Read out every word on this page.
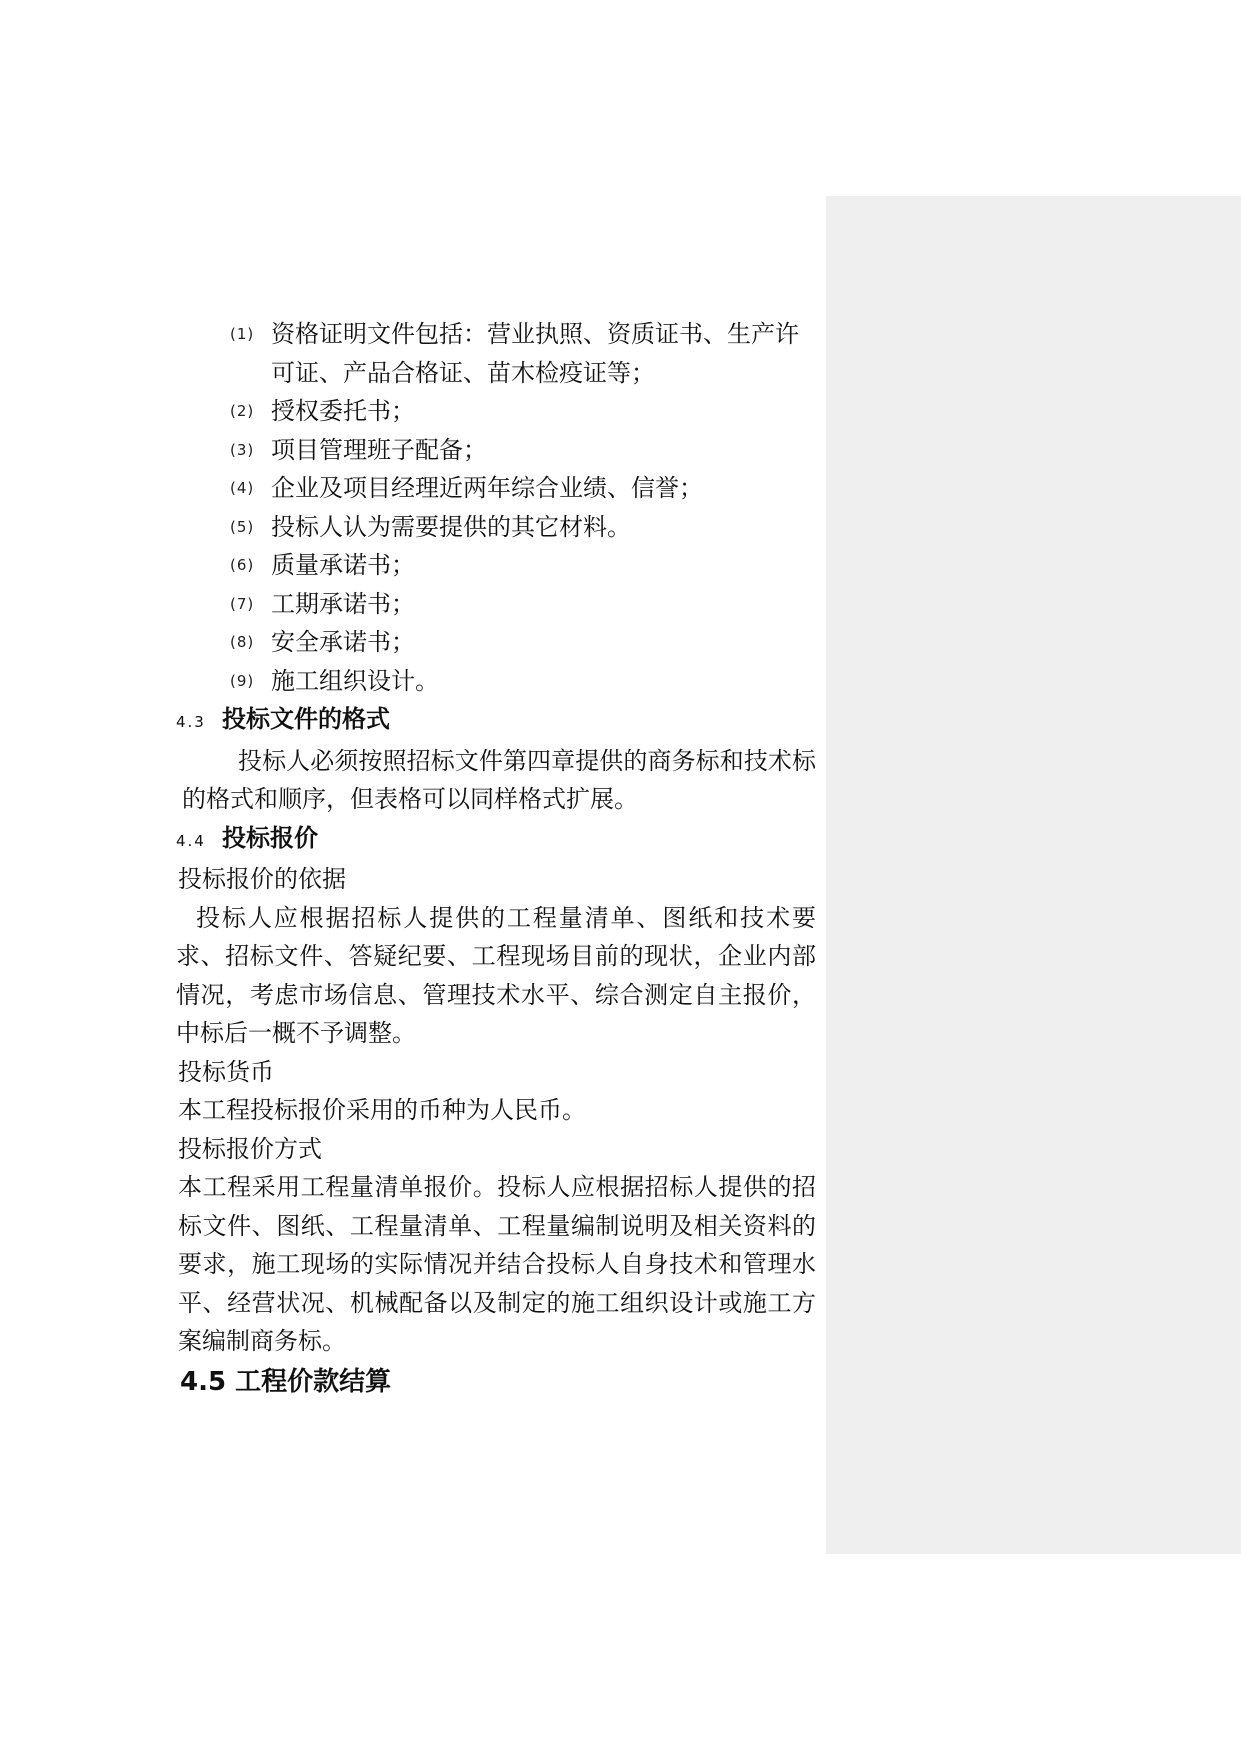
(1) 资格证明文件包括：营业执照、资质证书、生产许可证、产品合格证、苗木检疫证等；
(2) 授权委托书；
(3) 项目管理班子配备；
(4) 企业及项目经理近两年综合业绩、信誉；
(5) 投标人认为需要提供的其它材料。
(6) 质量承诺书；
(7) 工期承诺书；
(8) 安全承诺书；
(9) 施工组织设计。
4.3 投标文件的格式

投标人必须按照招标文件第四章提供的商务标和技术标的格式和顺序，但表格可以同样格式扩展。

4.4 投标报价
投标报价的依据

投标人应根据招标人提供的工程量清单、图纸和技术要求、招标文件、答疑纪要、工程现场目前的现状，企业内部情况，考虑市场信息、管理技术水平、综合测定自主报价，中标后一概不予调整。

投标货币
本工程投标报价采用的币种为人民币。
投标报价方式

本工程采用工程量清单报价。投标人应根据招标人提供的招标文件、图纸、工程量清单、工程量编制说明及相关资料的要求，施工现场的实际情况并结合投标人自身技术和管理水平、经营状况、机械配备以及制定的施工组织设计或施工方案编制商务标。

4.5 工程价款结算
